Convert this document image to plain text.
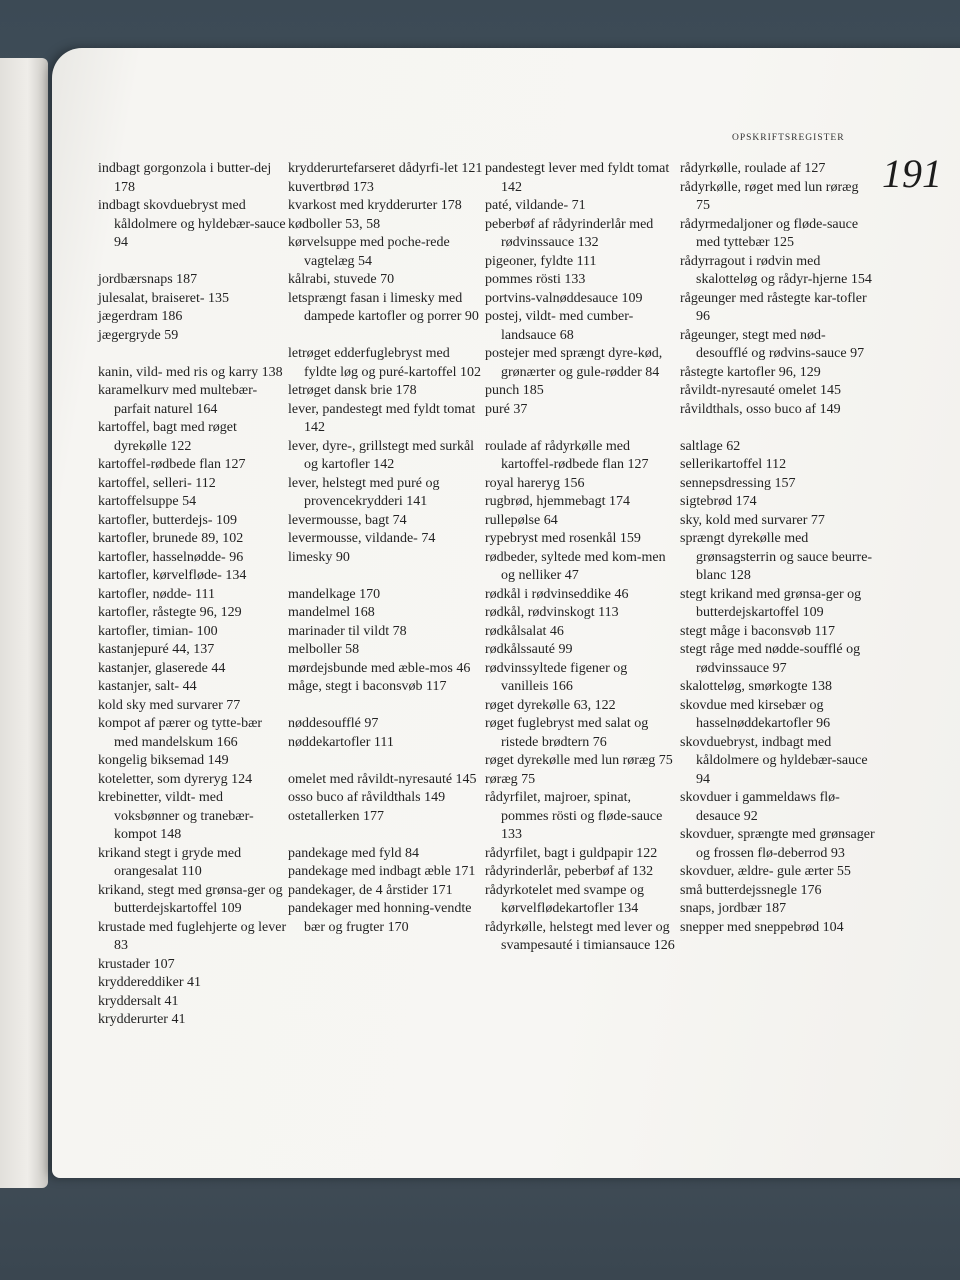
OPSKRIFTSREGISTER
191

indbagt gorgonzola i butter-dej 178

indbagt skovduebryst med kåldolmere og hyldebær-sauce 94

jordbærsnaps 187

julesalat, braiseret- 135

jægerdram 186

jægergryde 59

kanin, vild- med ris og karry 138

karamelkurv med multebær-parfait naturel 164

kartoffel, bagt med røget dyrekølle 122

kartoffel-rødbede flan 127

kartoffel, selleri- 112

kartoffelsuppe 54

kartofler, butterdejs- 109

kartofler, brunede 89, 102

kartofler, hasselnødde- 96

kartofler, kørvelfløde- 134

kartofler, nødde- 111

kartofler, råstegte 96, 129

kartofler, timian- 100

kastanjepuré 44, 137

kastanjer, glaserede 44

kastanjer, salt- 44

kold sky med survarer 77

kompot af pærer og tytte-bær med mandelskum 166

kongelig biksemad 149

koteletter, som dyreryg 124

krebinetter, vildt- med voksbønner og tranebær-kompot 148

krikand stegt i gryde med orangesalat 110

krikand, stegt med grønsa-ger og butterdejskartoffel 109

krustade med fuglehjerte og lever 83

krustader 107

kryddereddiker 41

kryddersalt 41

krydderurter 41

krydderurtefarseret dådyrfi-let 121

kuvertbrød 173

kvarkost med krydderurter 178

kødboller 53, 58

kørvelsuppe med poche-rede vagtelæg 54

kålrabi, stuvede 70

letsprængt fasan i limesky med dampede kartofler og porrer 90

letrøget edderfuglebryst med fyldte løg og puré-kartoffel 102

letrøget dansk brie 178

lever, pandestegt med fyldt tomat 142

lever, dyre-, grillstegt med surkål og kartofler 142

lever, helstegt med puré og provencekrydderi 141

levermousse, bagt 74

levermousse, vildande- 74

limesky 90

mandelkage 170

mandelmel 168

marinader til vildt 78

melboller 58

mørdejsbunde med æble-mos 46

måge, stegt i baconsvøb 117

nøddesoufflé 97

nøddekartofler 111

omelet med råvildt-nyresauté 145

osso buco af råvildthals 149

ostetallerken 177

pandekage med fyld 84

pandekage med indbagt æble 171

pandekager, de 4 årstider 171

pandekager med honning-vendte bær og frugter 170

pandestegt lever med fyldt tomat 142

paté, vildande- 71

peberbøf af rådyrinderlår med rødvinssauce 132

pigeoner, fyldte 111

pommes rösti 133

portvins-valnøddesauce 109

postej, vildt- med cumber-landsauce 68

postejer med sprængt dyre-kød, grønærter og gule-rødder 84

punch 185

puré 37

roulade af rådyrkølle med kartoffel-rødbede flan 127

royal hareryg 156

rugbrød, hjemmebagt 174

rullepølse 64

rypebryst med rosenkål 159

rødbeder, syltede med kom-men og nelliker 47

rødkål i rødvinseddike 46

rødkål, rødvinskogt 113

rødkålsalat 46

rødkålssauté 99

rødvinssyltede figener og vanilleis 166

røget dyrekølle 63, 122

røget fuglebryst med salat og ristede brødtern 76

røget dyrekølle med lun røræg 75

røræg 75

rådyrfilet, majroer, spinat, pommes rösti og fløde-sauce 133

rådyrfilet, bagt i guldpapir 122

rådyrinderlår, peberbøf af 132

rådyrkotelet med svampe og kørvelflødekartofler 134

rådyrkølle, helstegt med lever og svampesauté i timiansauce 126

rådyrkølle, roulade af 127

rådyrkølle, røget med lun røræg 75

rådyrmedaljoner og fløde-sauce med tyttebær 125

rådyrragout i rødvin med skalotteløg og rådyr-hjerne 154

rågeunger med råstegte kar-tofler 96

rågeunger, stegt med nød-desoufflé og rødvins-sauce 97

råstegte kartofler 96, 129

råvildt-nyresauté omelet 145

råvildthals, osso buco af 149

saltlage 62

sellerikartoffel 112

sennepsdressing 157

sigtebrød 174

sky, kold med survarer 77

sprængt dyrekølle med grønsagsterrin og sauce beurre-blanc 128

stegt krikand med grønsa-ger og butterdejskartoffel 109

stegt måge i baconsvøb 117

stegt råge med nødde-soufflé og rødvinssauce 97

skalotteløg, smørkogte 138

skovdue med kirsebær og hasselnøddekartofler 96

skovduebryst, indbagt med kåldolmere og hyldebær-sauce 94

skovduer i gammeldaws flø-desauce 92

skovduer, sprængte med grønsager og frossen flø-deberrod 93

skovduer, ældre- gule ærter 55

små butterdejssnegle 176

snaps, jordbær 187

snepper med sneppebrød 104
